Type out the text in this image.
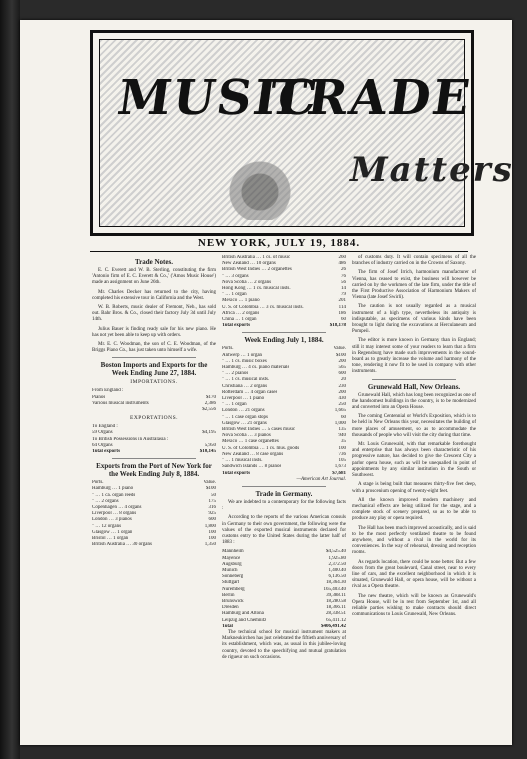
MUSIC
TRADE
Matters
NEW YORK, JULY 19, 1884.
Trade Notes.

E. C. Everett and W. B. Sterling, constituting the firm 'Antonio firm of E. C. Everett & Co.,' ('Amos Music House') made an assignment on June 26th.

Mr. Charles Decker has returned to the city, having completed his extensive tour in California and the West.

W. B. Roberts, music dealer of Fremont, Neb., has sold out. Bahr Bros. & Co., closed their factory July 3d until July 14th.

Julius Bauer is finding ready sale for his new piano. He has not yet been able to keep up with orders.

Mr. E. C. Woodman, the son of C. E. Woodman, of the Briggs Piano Co., has just taken unto himself a wife.

Boston Imports and Exports for the Week Ending June 27, 1884.
IMPORTATIONS.
From England :
Pianos	$170
Various musical instruments	2,386
$2,556
EXPORTATIONS.
To England :
59 Organs	$4,195
To British Possessions in Australasia :
64 Organs	5,950
Total exports	$10,145
Exports from the Port of New York for the Week Ending July 8, 1884.
Ports.	Value.
Hamburg … 1 piano	$100
" … 1 ca. organ reeds	50
" … 2 organs	175
Copenhagen … 4 organs	316
Liverpool … 8 organs	925
London … 3 pianos	600
" … 12 organs	1,800
Glasgow … 1 organ	100
Bristol … 1 organ	100
British Australia … 30 organs	1,350
British Australia … 1 cs. of music	260
New Zealand … 10 organs	486
British West Indies … 2 organettes	26
" … 3 organs	76
Nova Scotia … 2 organs	56
Hong Kong … 1 cs. musical insts.	14
" … 1 organ	79
Mexico … 1 piano	201
U. S. of Colombia … 3 cs. musical insts.	114
Africa … 2 organs	186
China … 1 organ	60
Total exports	$18,178
Week Ending July 1, 1884.
Ports.	Value.
Antwerp … 1 organ	$100
" … 1 cs. music boxes	200
Hamburg … 4 cs. piano materials	565
" … 2 pianos	600
" … 1 cs. musical insts.	20
Christiana … 2 organs	230
Rotterdam … 4 organ cases	200
Liverpool … 1 piano	430
" … 1 organ	250
London … 21 organs	1,665
" … 1 case organ stops	60
Glasgow … 21 organs	1,000
British West Indies … 5 cases music	135
Nova Scotia … 3 pianos	940
Mexico … 1 case organettes	35
U. S. of Colombia … 1 cs. mus. goods	100
New Zealand … 8 case organs	736
" … 1 musical insts.	105
Sandwich Islands … 8 pianos	1,673
Total exports	$7,681
—American Art Journal.
Trade in Germany.

We are indebted to a contemporary for the following facts :

According to the reports of the various American consuls in Germany to their own government, the following were the values of the exported musical instruments declared for customs entry to the United States during the latter half of 1883 :

Mannheim	$4,525.40
Mayence	1,925.80
Augsburg	2,372.50
Munich	1,400.40
Sonneberg	6,136.50
Stuttgart	18,364.30
Nuremberg	165,403.40
Berlin	39,388.11
Brunswick	18,280.58
Dresden	18,366.11
Hamburg and Altona	28,338.51
Leipzig and Chemnitz	65,411.12
Total	$406,491.42

The technical school for musical instrument makers at Markneukirchen has just celebrated the fiftieth anniversary of its establishment, which was, as usual in this jubilee-loving country, devoted to the speechifying and mutual gratulation de rigueur on such occasions.

of customs duty. It will contain specimens of all the branches of industry carried on in the Crowns of Saxony.

The firm of Josef Irrich, harmonium manufacturer of Vienna, has ceased to exist, the business will however be carried on by the workmen of the late firm, under the title of the First Productive Association of Harmonium Makers of Vienna (late Josef Swirli).

The caution is not usually regarded as a musical instrument of a high type, nevertheless its antiquity is indisputable, as specimens of various kinds have been brought to light during the excavations at Herculaneum and Pompeii.

The editor is more known in Germany than in England; still it may interest some of your readers to learn that a firm in Regensburg have made such improvements in the sound-board as to greatly increase the volume and harmony of the tone, rendering it now fit to be used in company with other instruments.

Grunewald Hall, New Orleans.

Grunewald Hall, which has long been recognized as one of the handsomest buildings in the country, is to be modernized and converted into an Opera House.

The coming Centennial or World's Exposition, which is to be held in New Orleans this year, necessitates the building of more places of amusement, so as to accommodate the thousands of people who will visit the city during that time.

Mr. Louis Grunewald, with that remarkable forethought and enterprise that has always been characteristic of his progressive nature, has decided to give the Crescent City a parlor opera house, such as will be unequalled in point of appointments by any similar institution in the South or Southwest.

A stage is being built that measures thirty-five feet deep, with a proscenium opening of twenty-eight feet.

All the known improved modern machinery and mechanical effects are being utilized for the stage, and a complete stock of scenery prepared, so as to be able to produce any play or opera required.

The Hall has been much improved acoustically, and is said to be the most perfectly ventilated theatre to be found anywhere, and without a rival in the world for its conveniences. In the way of rehearsal, dressing and reception rooms.

As regards location, there could be none better. But a few doors from the great boulevard, Canal street, near to every line of cars, and the excellent neighborhood in which it is situated, Grunewald Hall, or opera house, will be without a rival as a Opera theatre.

The new theatre, which will be known as Grunewald's Opera House, will be in rest from September 1st, and all reliable parties wishing to make contracts should direct communications to Louis Grunewald, New Orleans.
